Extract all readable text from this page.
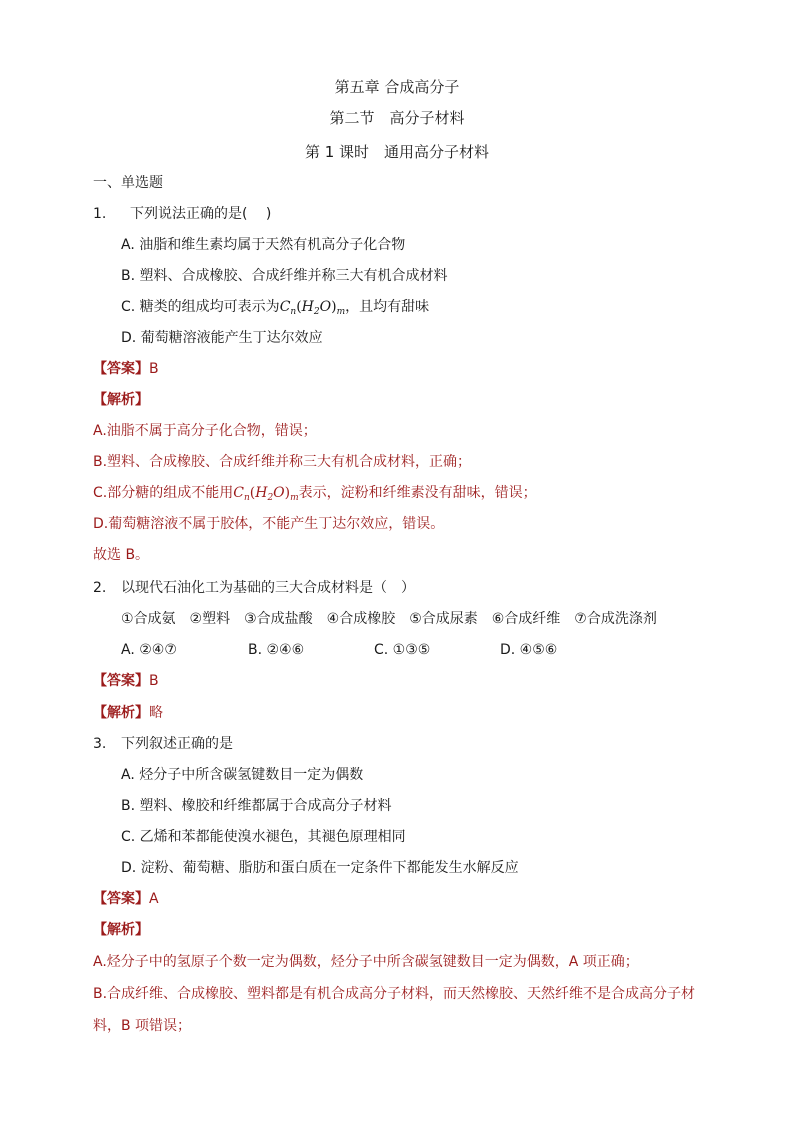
第五章 合成高分子
第二节　高分子材料
第 1 课时　通用高分子材料
一、单选题
1. 下列说法正确的是(　 )
A. 油脂和维生素均属于天然有机高分子化合物
B. 塑料、合成橡胶、合成纤维并称三大有机合成材料
C. 糖类的组成均可表示为$C_n(H_2O)_m$，且均有甜味
D. 葡萄糖溶液能产生丁达尔效应
【答案】B
【解析】
A.油脂不属于高分子化合物，错误；
B.塑料、合成橡胶、合成纤维并称三大有机合成材料，正确；
C.部分糖的组成不能用$C_n(H_2O)_m$表示，淀粉和纤维素没有甜味，错误；
D.葡萄糖溶液不属于胶体，不能产生丁达尔效应，错误。
故选 B。
2. 以现代石油化工为基础的三大合成材料是（　）
①合成氨　②塑料　③合成盐酸　④合成橡胶　⑤合成尿素　⑥合成纤维　⑦合成洗涤剂
A. ②④⑦	B. ②④⑥	C. ①③⑤	D. ④⑤⑥
【答案】B
【解析】略
3. 下列叙述正确的是
A. 烃分子中所含碳氢键数目一定为偶数
B. 塑料、橡胶和纤维都属于合成高分子材料
C. 乙烯和苯都能使溴水褪色，其褪色原理相同
D. 淀粉、葡萄糖、脂肪和蛋白质在一定条件下都能发生水解反应
【答案】A
【解析】
A.烃分子中的氢原子个数一定为偶数，烃分子中所含碳氢键数目一定为偶数，A 项正确；
B.合成纤维、合成橡胶、塑料都是有机合成高分子材料，而天然橡胶、天然纤维不是合成高分子材
料，B 项错误；
